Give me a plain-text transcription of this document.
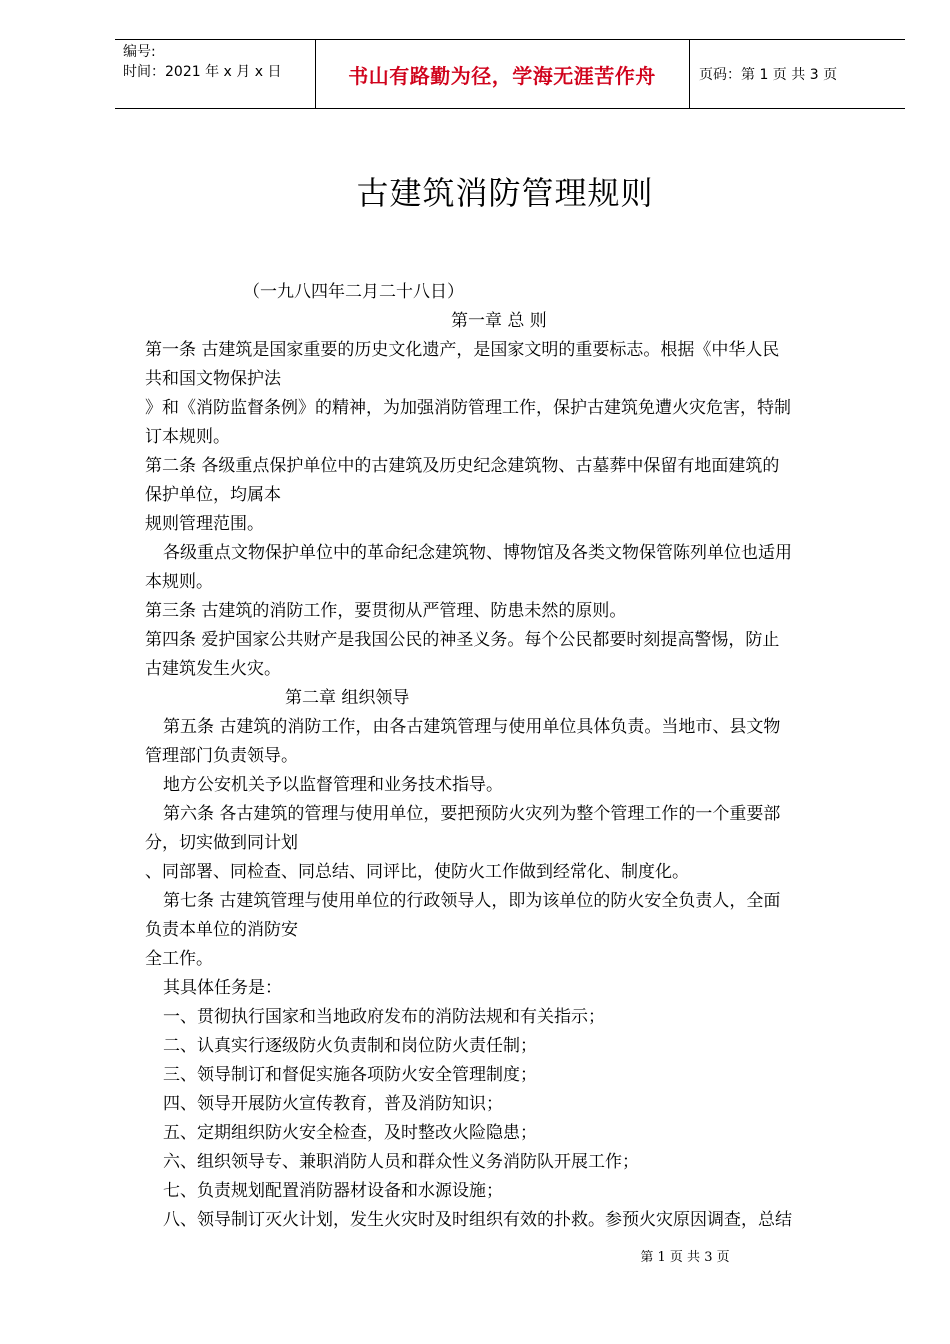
编号:
时间：2021 年 x 月 x 日	书山有路勤为径，学海无涯苦作舟	页码：第 1 页 共 3 页
古建筑消防管理规则

（一九八四年二月二十八日）

第一章 总 则

第一条 古建筑是国家重要的历史文化遗产，是国家文明的重要标志。根据《中华人民

共和国文物保护法

》和《消防监督条例》的精神，为加强消防管理工作，保护古建筑免遭火灾危害，特制

订本规则。

第二条 各级重点保护单位中的古建筑及历史纪念建筑物、古墓葬中保留有地面建筑的

保护单位，均属本

规则管理范围。

各级重点文物保护单位中的革命纪念建筑物、博物馆及各类文物保管陈列单位也适用

本规则。

第三条 古建筑的消防工作，要贯彻从严管理、防患未然的原则。

第四条 爱护国家公共财产是我国公民的神圣义务。每个公民都要时刻提高警惕，防止

古建筑发生火灾。

第二章 组织领导

第五条 古建筑的消防工作，由各古建筑管理与使用单位具体负责。当地市、县文物

管理部门负责领导。

地方公安机关予以监督管理和业务技术指导。

第六条 各古建筑的管理与使用单位，要把预防火灾列为整个管理工作的一个重要部

分，切实做到同计划

、同部署、同检查、同总结、同评比，使防火工作做到经常化、制度化。

第七条 古建筑管理与使用单位的行政领导人，即为该单位的防火安全负责人，全面

负责本单位的消防安

全工作。

其具体任务是：

一、贯彻执行国家和当地政府发布的消防法规和有关指示；

二、认真实行逐级防火负责制和岗位防火责任制；

三、领导制订和督促实施各项防火安全管理制度；

四、领导开展防火宣传教育，普及消防知识；

五、定期组织防火安全检查，及时整改火险隐患；

六、组织领导专、兼职消防人员和群众性义务消防队开展工作；

七、负责规划配置消防器材设备和水源设施；

八、领导制订灭火计划，发生火灾时及时组织有效的扑救。参预火灾原因调查，总结

第 1 页 共 3 页
